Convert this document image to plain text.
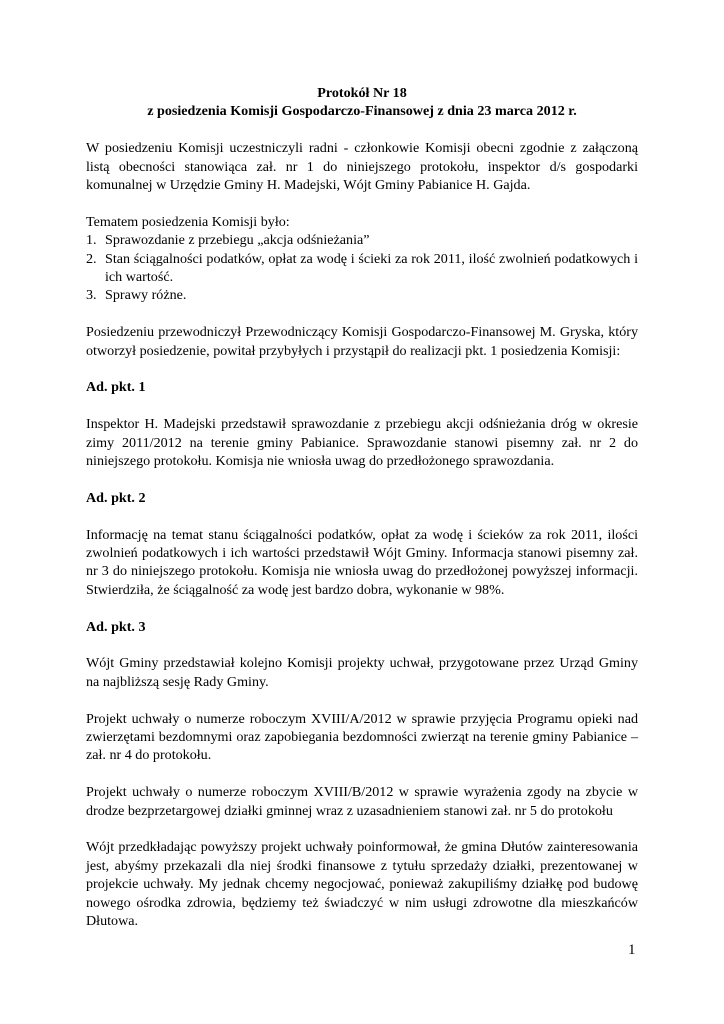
Protokół Nr 18
z posiedzenia Komisji Gospodarczo-Finansowej z dnia 23 marca 2012 r.

W posiedzeniu Komisji uczestniczyli radni - członkowie Komisji obecni zgodnie z załączoną listą obecności stanowiąca zał. nr 1 do niniejszego protokołu, inspektor d/s gospodarki komunalnej w Urzędzie Gminy H. Madejski, Wójt Gminy Pabianice H. Gajda.

Tematem posiedzenia Komisji było:

1. Sprawozdanie z przebiegu „akcja odśnieżania”
2. Stan ściągalności podatków, opłat za wodę i ścieki za rok 2011, ilość zwolnień podatkowych i ich wartość.
3. Sprawy różne.

Posiedzeniu przewodniczył Przewodniczący Komisji Gospodarczo-Finansowej M. Gryska, który otworzył posiedzenie, powitał przybyłych i przystąpił do realizacji pkt. 1 posiedzenia Komisji:

Ad. pkt. 1

Inspektor H. Madejski przedstawił sprawozdanie z przebiegu akcji odśnieżania dróg w okresie zimy 2011/2012 na terenie gminy Pabianice. Sprawozdanie stanowi pisemny zał. nr 2 do niniejszego protokołu. Komisja nie wniosła uwag do przedłożonego sprawozdania.

Ad. pkt. 2

Informację na temat stanu ściągalności podatków, opłat za wodę i ścieków za rok 2011, ilości zwolnień podatkowych i ich wartości przedstawił Wójt Gminy. Informacja stanowi pisemny zał. nr 3 do niniejszego protokołu. Komisja nie wniosła uwag do przedłożonej powyższej informacji. Stwierdziła, że ściągalność za wodę jest bardzo dobra, wykonanie w 98%.

Ad. pkt. 3

Wójt Gminy przedstawiał kolejno Komisji projekty uchwał, przygotowane przez Urząd Gminy na najbliższą sesję Rady Gminy.

Projekt uchwały o numerze roboczym XVIII/A/2012 w sprawie przyjęcia Programu opieki nad zwierzętami bezdomnymi oraz zapobiegania bezdomności zwierząt na terenie gminy Pabianice – zał. nr 4 do protokołu.

Projekt uchwały o numerze roboczym XVIII/B/2012 w sprawie wyrażenia zgody na zbycie w drodze bezprzetargowej działki gminnej wraz z uzasadnieniem stanowi zał. nr 5 do protokołu

Wójt przedkładając powyższy projekt uchwały poinformował, że gmina Dłutów zainteresowania jest, abyśmy przekazali dla niej środki finansowe z tytułu sprzedaży działki, prezentowanej w projekcie uchwały. My jednak chcemy negocjować, ponieważ zakupiliśmy działkę pod budowę nowego ośrodka zdrowia, będziemy też świadczyć w nim usługi zdrowotne dla mieszkańców Dłutowa.

1
